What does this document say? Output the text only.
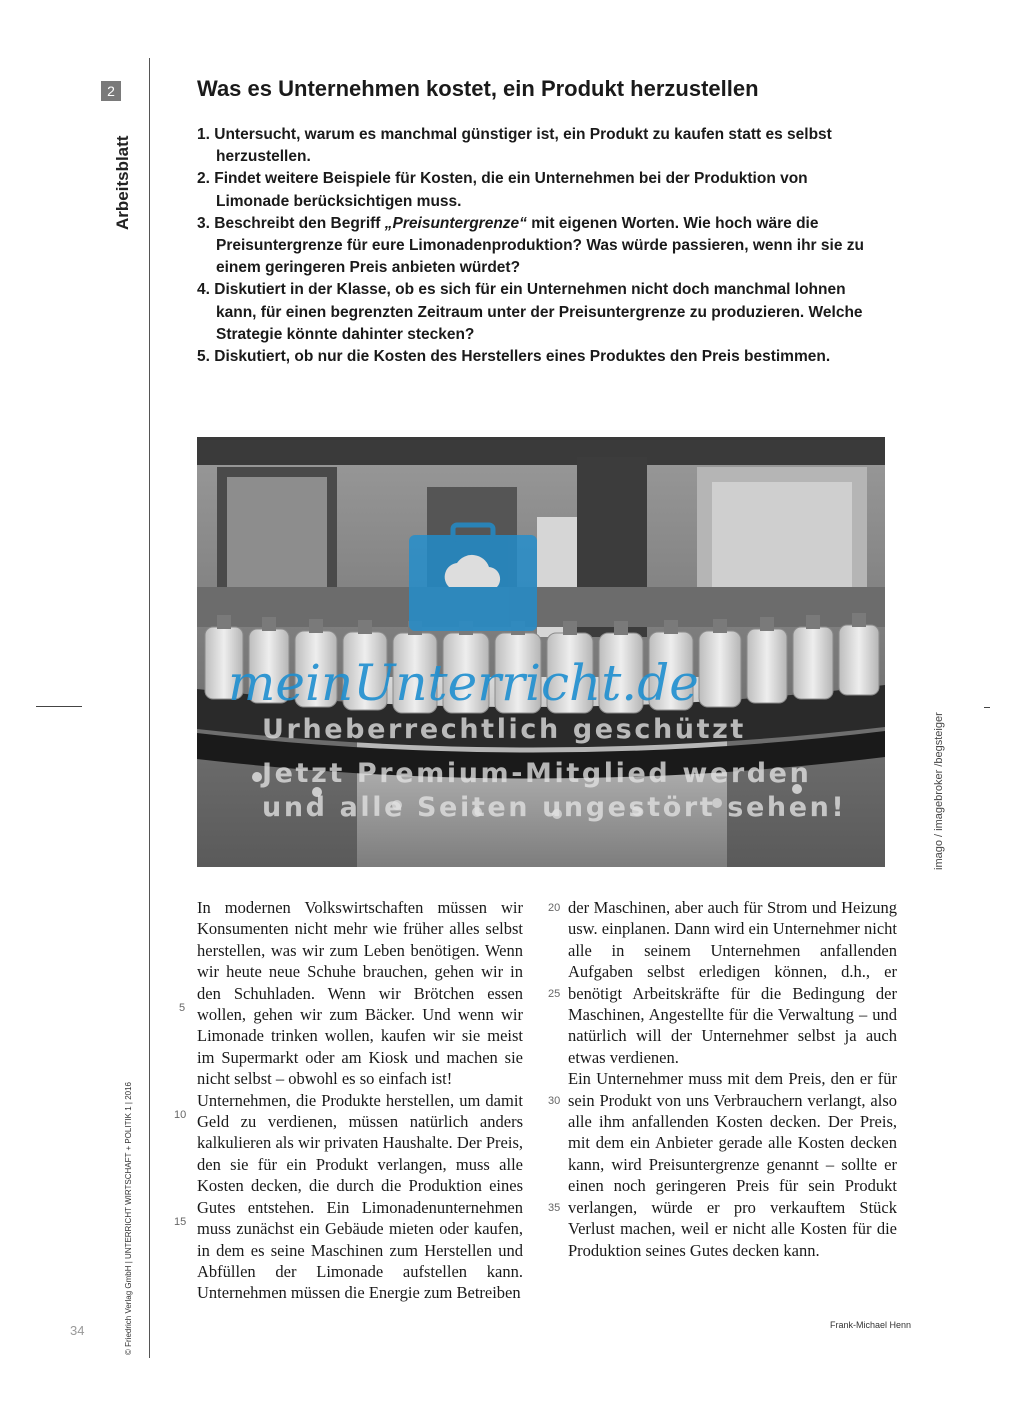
2
Arbeitsblatt
© Friedrich Verlag GmbH | UNTERRICHT WIRTSCHAFT + POLITIK 1 | 2016
34
Was es Unternehmen kostet, ein Produkt herzustellen
1. Untersucht, warum es manchmal günstiger ist, ein Produkt zu kaufen statt es selbst herzustellen.
2. Findet weitere Beispiele für Kosten, die ein Unternehmen bei der Produktion von Limonade berücksichtigen muss.
3. Beschreibt den Begriff „Preisuntergrenze“ mit eigenen Worten. Wie hoch wäre die Preisuntergrenze für eure Limonadenproduktion? Was würde passieren, wenn ihr sie zu einem geringeren Preis anbieten würdet?
4. Diskutiert in der Klasse, ob es sich für ein Unternehmen nicht doch manchmal lohnen kann, für einen begrenzten Zeitraum unter der Preisuntergrenze zu produzieren. Welche Strategie könnte dahinter stecken?
5. Diskutiert, ob nur die Kosten des Herstellers eines Produktes den Preis bestimmen.
meinUnterricht.de
Urheberrechtlich geschützt
Jetzt Premium-Mitglied werden
und alle Seiten ungestört sehen!	imago / imagebroker /begsteiger
5
10
15
20
25
30
35

In modernen Volkswirtschaften müssen wir Konsumenten nicht mehr wie früher alles selbst herstellen, was wir zum Leben benötigen. Wenn wir heute neue Schuhe brauchen, gehen wir in den Schuhladen. Wenn wir Brötchen essen wollen, gehen wir zum Bäcker. Und wenn wir Limonade trinken wollen, kaufen wir sie meist im Supermarkt oder am Kiosk und machen sie nicht selbst – obwohl es so einfach ist!

Unternehmen, die Produkte herstellen, um damit Geld zu verdienen, müssen natürlich anders kalkulieren als wir privaten Haushalte. Der Preis, den sie für ein Produkt verlangen, muss alle Kosten decken, die durch die Produktion eines Gutes entstehen. Ein Limonadenunternehmen muss zunächst ein Gebäude mieten oder kaufen, in dem es seine Maschinen zum Herstellen und Abfüllen der Limonade aufstellen kann. Unternehmen müssen die Energie zum Betreiben

der Maschinen, aber auch für Strom und Heizung usw. einplanen. Dann wird ein Unternehmer nicht alle in seinem Unternehmen anfallenden Aufgaben selbst erledigen können, d.h., er benötigt Arbeitskräfte für die Bedingung der Maschinen, Angestellte für die Verwaltung – und natürlich will der Unternehmer selbst ja auch etwas verdienen.

Ein Unternehmer muss mit dem Preis, den er für sein Produkt von uns Verbrauchern verlangt, also alle ihm anfallenden Kosten decken. Der Preis, mit dem ein Anbieter gerade alle Kosten decken kann, wird Preisuntergrenze genannt – sollte er einen noch geringeren Preis für sein Produkt verlangen, würde er pro verkauftem Stück Verlust machen, weil er nicht alle Kosten für die Produktion seines Gutes decken kann.

Frank-Michael Henn
